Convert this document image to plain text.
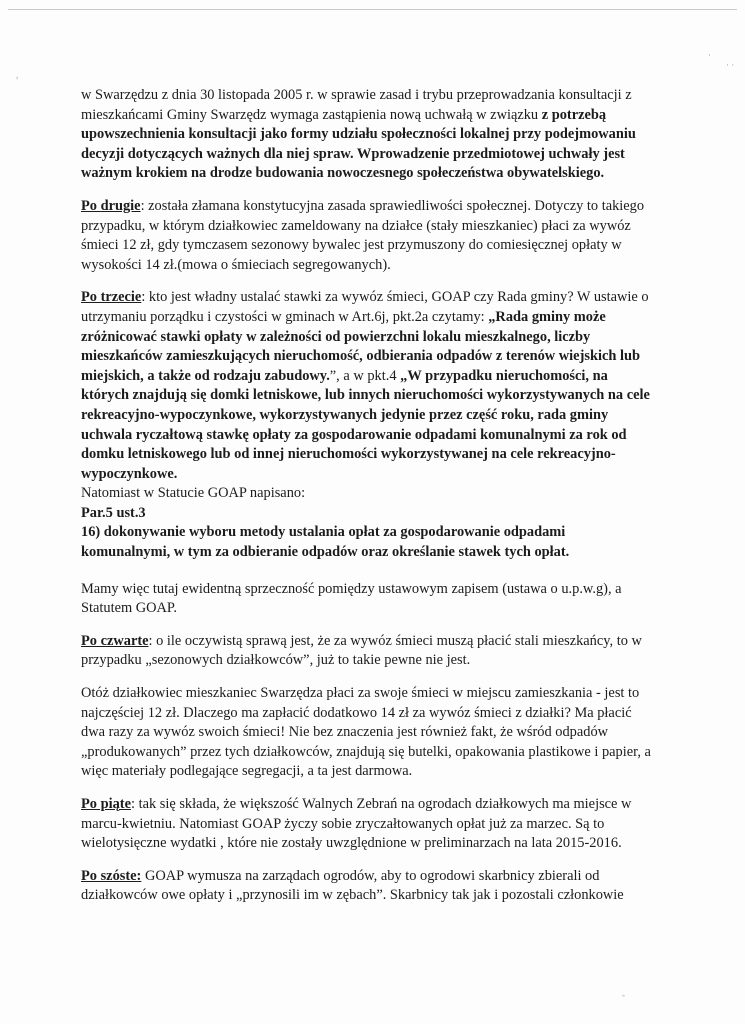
,
·
· ·
-

w Swarzędzu z dnia 30 listopada 2005 r. w sprawie zasad i trybu przeprowadzania konsultacji z mieszkańcami Gminy Swarzędz wymaga zastąpienia nową uchwałą w związku z potrzebą upowszechnienia konsultacji jako formy udziału społeczności lokalnej przy podejmowaniu decyzji dotyczących ważnych dla niej spraw. Wprowadzenie przedmiotowej uchwały jest ważnym krokiem na drodze budowania nowoczesnego społeczeństwa obywatelskiego.

Po drugie: została złamana konstytucyjna zasada sprawiedliwości społecznej. Dotyczy to takiego przypadku, w którym działkowiec zameldowany na działce (stały mieszkaniec) płaci za wywóz śmieci 12 zł, gdy tymczasem sezonowy bywalec jest przymuszony do comiesięcznej opłaty w wysokości 14 zł.(mowa o śmieciach segregowanych).

Po trzecie: kto jest władny ustalać stawki za wywóz śmieci, GOAP czy Rada gminy? W ustawie o utrzymaniu porządku i czystości w gminach w Art.6j, pkt.2a czytamy: „Rada gminy może zróżnicować stawki opłaty w zależności od powierzchni lokalu mieszkalnego, liczby mieszkańców zamieszkujących nieruchomość, odbierania odpadów z terenów wiejskich lub miejskich, a także od rodzaju zabudowy.”, a w pkt.4 „W przypadku nieruchomości, na których znajdują się domki letniskowe, lub innych nieruchomości wykorzystywanych na cele rekreacyjno-wypoczynkowe, wykorzystywanych jedynie przez część roku, rada gminy uchwala ryczałtową stawkę opłaty za gospodarowanie odpadami komunalnymi za rok od domku letniskowego lub od innej nieruchomości wykorzystywanej na cele rekreacyjno-wypoczynkowe.

Natomiast w Statucie GOAP napisano:
Par.5 ust.3

16) dokonywanie wyboru metody ustalania opłat za gospodarowanie odpadami komunalnymi, w tym za odbieranie odpadów oraz określanie stawek tych opłat.

Mamy więc tutaj ewidentną sprzeczność pomiędzy ustawowym zapisem (ustawa o u.p.w.g), a Statutem GOAP.

Po czwarte: o ile oczywistą sprawą jest, że za wywóz śmieci muszą płacić stali mieszkańcy, to w przypadku „sezonowych działkowców”, już to takie pewne nie jest.

Otóż działkowiec mieszkaniec Swarzędza płaci za swoje śmieci w miejscu zamieszkania - jest to najczęściej 12 zł. Dlaczego ma zapłacić dodatkowo 14 zł za wywóz śmieci z działki? Ma płacić dwa razy za wywóz swoich śmieci! Nie bez znaczenia jest również fakt, że wśród odpadów „produkowanych” przez tych działkowców, znajdują się butelki, opakowania plastikowe i papier, a więc materiały podlegające segregacji, a ta jest darmowa.

Po piąte: tak się składa, że większość Walnych Zebrań na ogrodach działkowych ma miejsce w marcu-kwietniu. Natomiast GOAP życzy sobie zryczałtowanych opłat już za marzec. Są to wielotysięczne wydatki , które nie zostały uwzględnione w preliminarzach na lata 2015-2016.

Po szóste: GOAP wymusza na zarządach ogrodów, aby to ogrodowi skarbnicy zbierali od działkowców owe opłaty i „przynosili im w zębach”. Skarbnicy tak jak i pozostali członkowie
